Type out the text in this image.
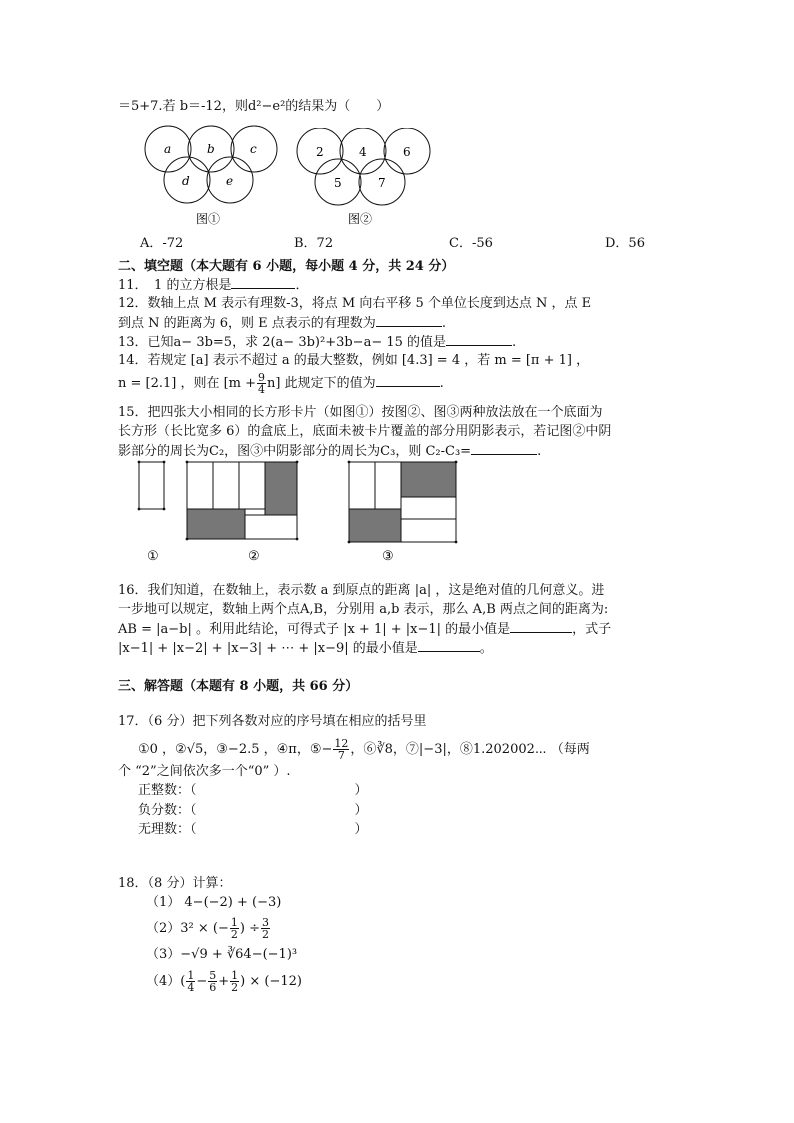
＝5+7.若 b＝-12，则d²−e²的结果为（　　）
a	b	c
d	e
图①
2	4	6
5	7
图②
A．-72	B．72	C．-56	D．56
二、填空题（本大题有 6 小题，每小题 4 分，共 24 分）
11．　1 的立方根是	．
12．数轴上点 M 表示有理数-3，将点 M 向右平移 5 个单位长度到达点 N ，点 E
到点 N 的距离为 6，则 E 点表示的有理数为	.
13．已知a− 3b=5，求 2(a− 3b)²+3b−a− 15 的值是	.
14．若规定 [a] 表示不超过 a 的最大整数，例如 [4.3] = 4 ，若 m = [π + 1] ，
n = [2.1] ，则在 $[m + \frac{9}{4} n]$ 此规定下的值为	.
15．把四张大小相同的长方形卡片（如图①）按图②、图③两种放法放在一个底面为
长方形（长比宽多 6）的盒底上，底面未被卡片覆盖的部分用阴影表示，若记图②中阴
影部分的周长为C₂，图③中阴影部分的周长为C₃，则 C₂-C₃=	.
①	②	③
16．我们知道，在数轴上，表示数 a 到原点的距离 |a| ，这是绝对值的几何意义。进
一步地可以规定，数轴上两个点A,B，分别用 a,b 表示，那么 A,B 两点之间的距离为:
AB = |a−b| 。利用此结论，可得式子 |x + 1| + |x−1| 的最小值是	，式子
|x−1| + |x−2| + |x−3| + ⋯ + |x−9| 的最小值是	。
三、解答题（本题有 8 小题，共 66 分）
17．（6 分）把下列各数对应的序号填在相应的括号里
①0 ，②√5，③−2.5 ，④π，⑤− $\frac{12}{7}$ ，⑥∛8，⑦|−3|，⑧1.202002⋯ （每两
个 “2”之间依次多一个“0” ）.
正整数：（	）
负分数：（	）
无理数：（	）
18．（8 分）计算：
（1） 4−(−2) + (−3)
（2）3² × (− $\frac{1}{2}$ ) ÷ $\frac{3}{2}$
（3）−√9 + ∛64−(−1)³
$(4)( \frac{1}{4} - \frac{5}{6} + \frac{1}{2}$ ) × (−12)
